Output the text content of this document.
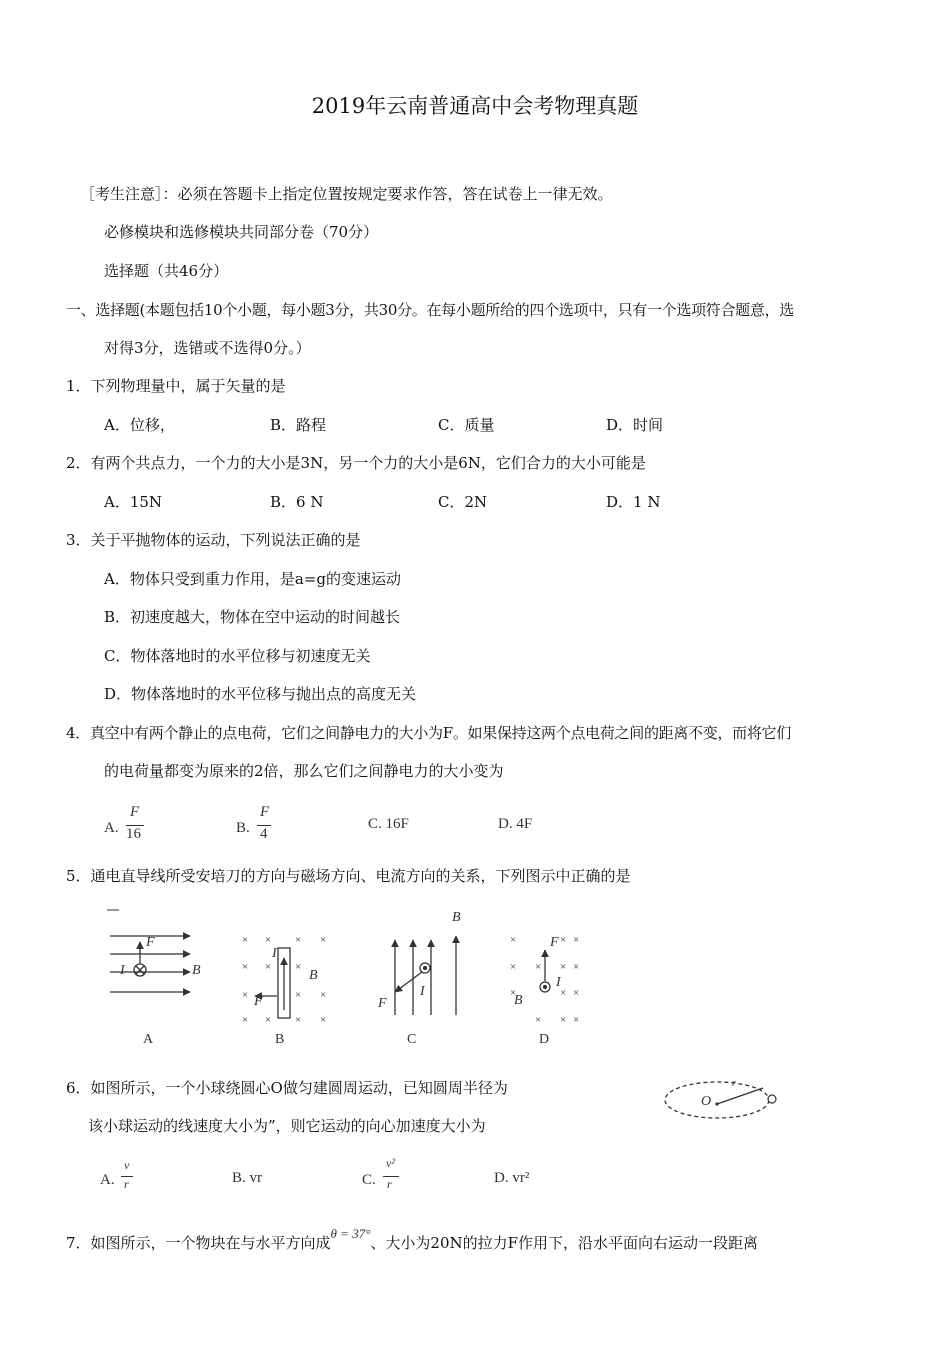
2019年云南普通高中会考物理真题
［考生注意］：必须在答题卡上指定位置按规定要求作答，答在试卷上一律无效。
必修模块和选修模块共同部分卷（70分）
选择题（共46分）
一、选择题(本题包括10个小题，每小题3分，共30分。在每小题所给的四个选项中，只有一个选项符合题意，选
对得3分，选错或不选得0分。）
1．下列物理量中，属于矢量的是
A．位移，	B．路程	C．质量	D．时间
2．有两个共点力，一个力的大小是3N，另一个力的大小是6N，它们合力的大小可能是
A．15N	B．6 N	C．2N	D．1 N
3．关于平抛物体的运动，下列说法正确的是
A．物体只受到重力作用，是a=g的变速运动
B．初速度越大，物体在空中运动的时间越长
C．物体落地时的水平位移与初速度无关
D．物体落地时的水平位移与抛出点的高度无关
4．真空中有两个静止的点电荷，它们之间静电力的大小为F。如果保持这两个点电荷之间的距离不变，而将它们
的电荷量都变为原来的2倍，那么它们之间静电力的大小变为
A.
F
16	B.
F
4
C. 16F	D. 4F
5．通电直导线所受安培刀的方向与磁场方向、电流方向的关系，下列图示中正确的是
× × × ×
× × ×
×	× ×
× × × ×
×	× ×
× × × ×
×	× ×
× × ×
F
I	B
I
B
F
B
I
F
F
I
B
A	B	C	D
6．如图所示，一个小球绕圆心O做匀建圆周运动，已知圆周半径为
该小球运动的线速度大小为”，则它运动的向心加速度大小为
O
r
A.
v
r	B. vr	C.
v²
r	D. vr²
7．如图所示，一个物块在与水平方向成θ = 37°、大小为20N的拉力F作用下，沿水平面向右运动一段距离
